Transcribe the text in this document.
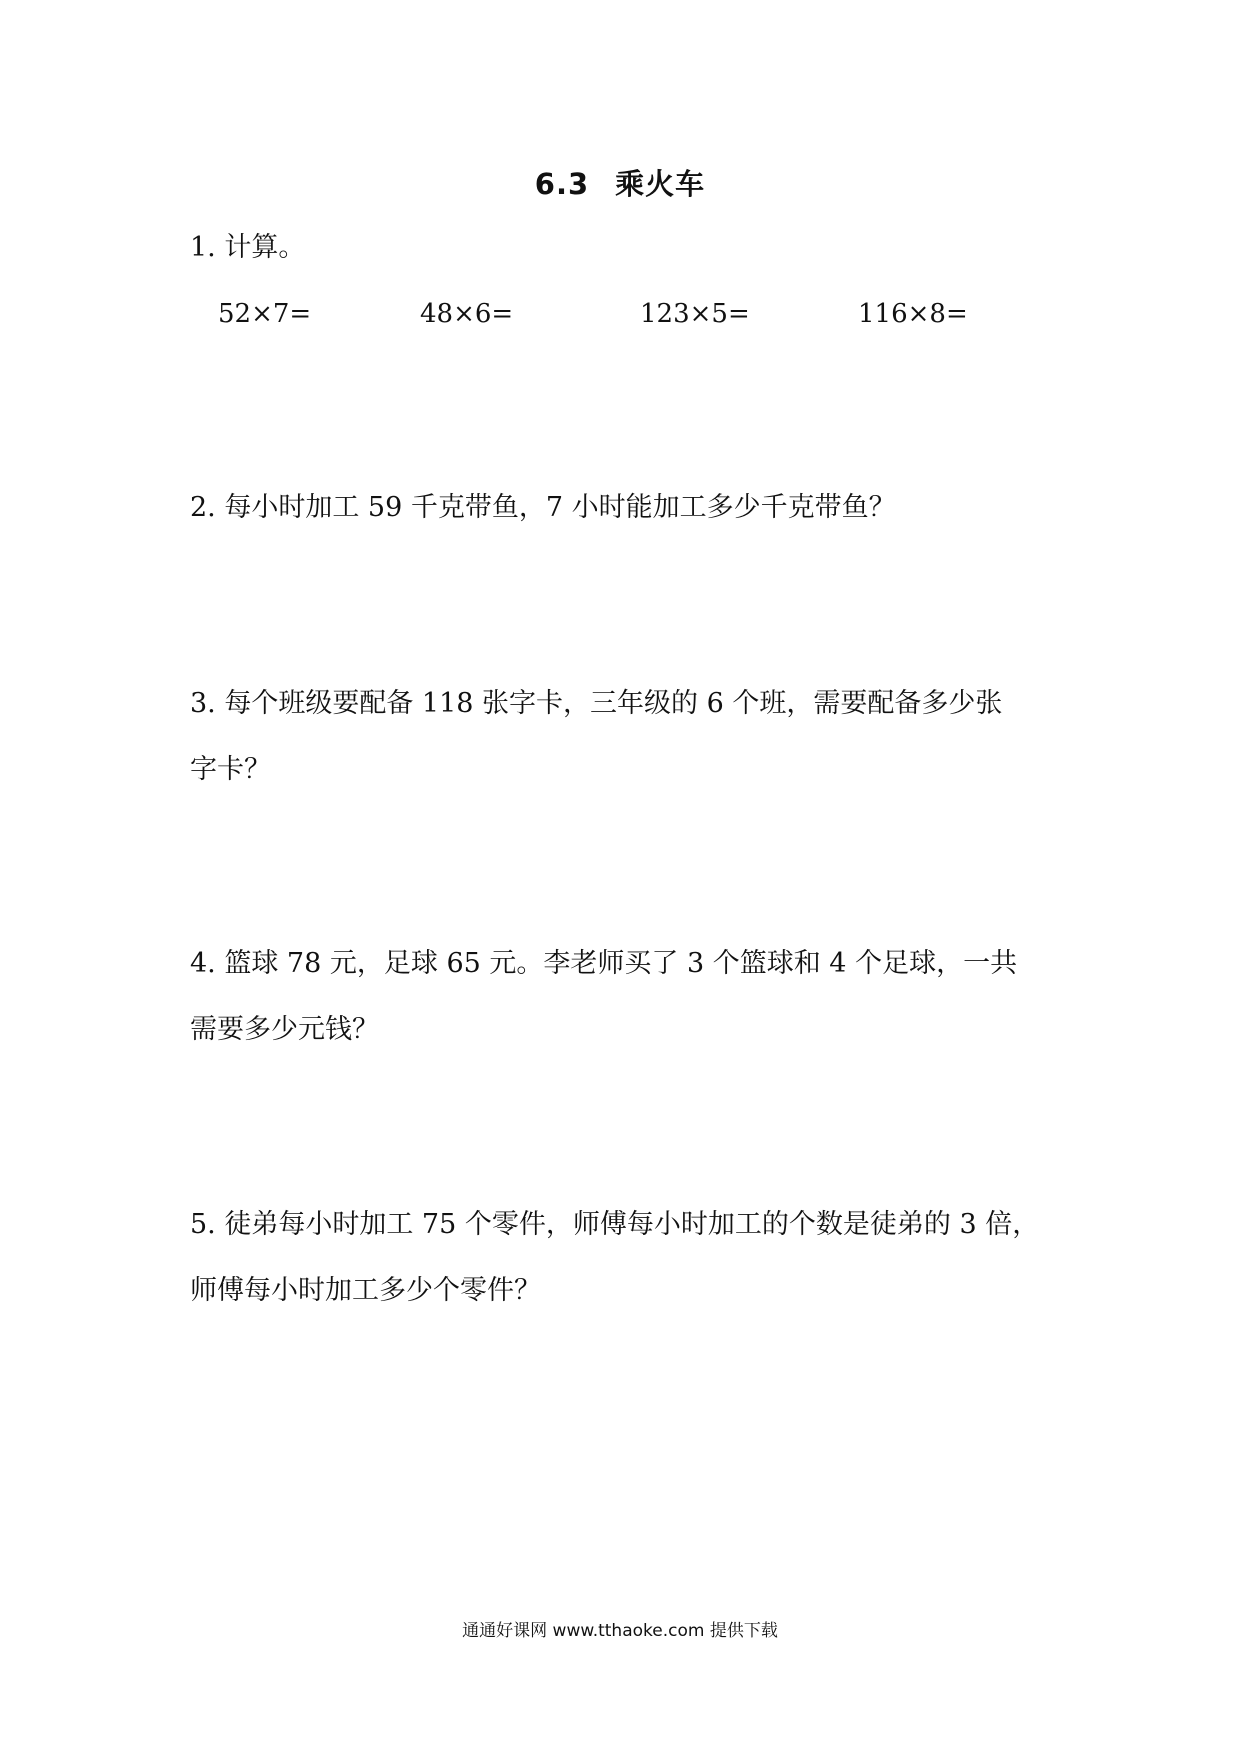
6.3 乘火车
1. 计算。
52×7=	48×6=	123×5=	116×8=
2. 每小时加工 59 千克带鱼，7 小时能加工多少千克带鱼？
3. 每个班级要配备 118 张字卡，三年级的 6 个班，需要配备多少张
字卡？
4. 篮球 78 元，足球 65 元。李老师买了 3 个篮球和 4 个足球，一共
需要多少元钱？
5. 徒弟每小时加工 75 个零件，师傅每小时加工的个数是徒弟的 3 倍，
师傅每小时加工多少个零件？
通通好课网 www.tthaoke.com 提供下载
